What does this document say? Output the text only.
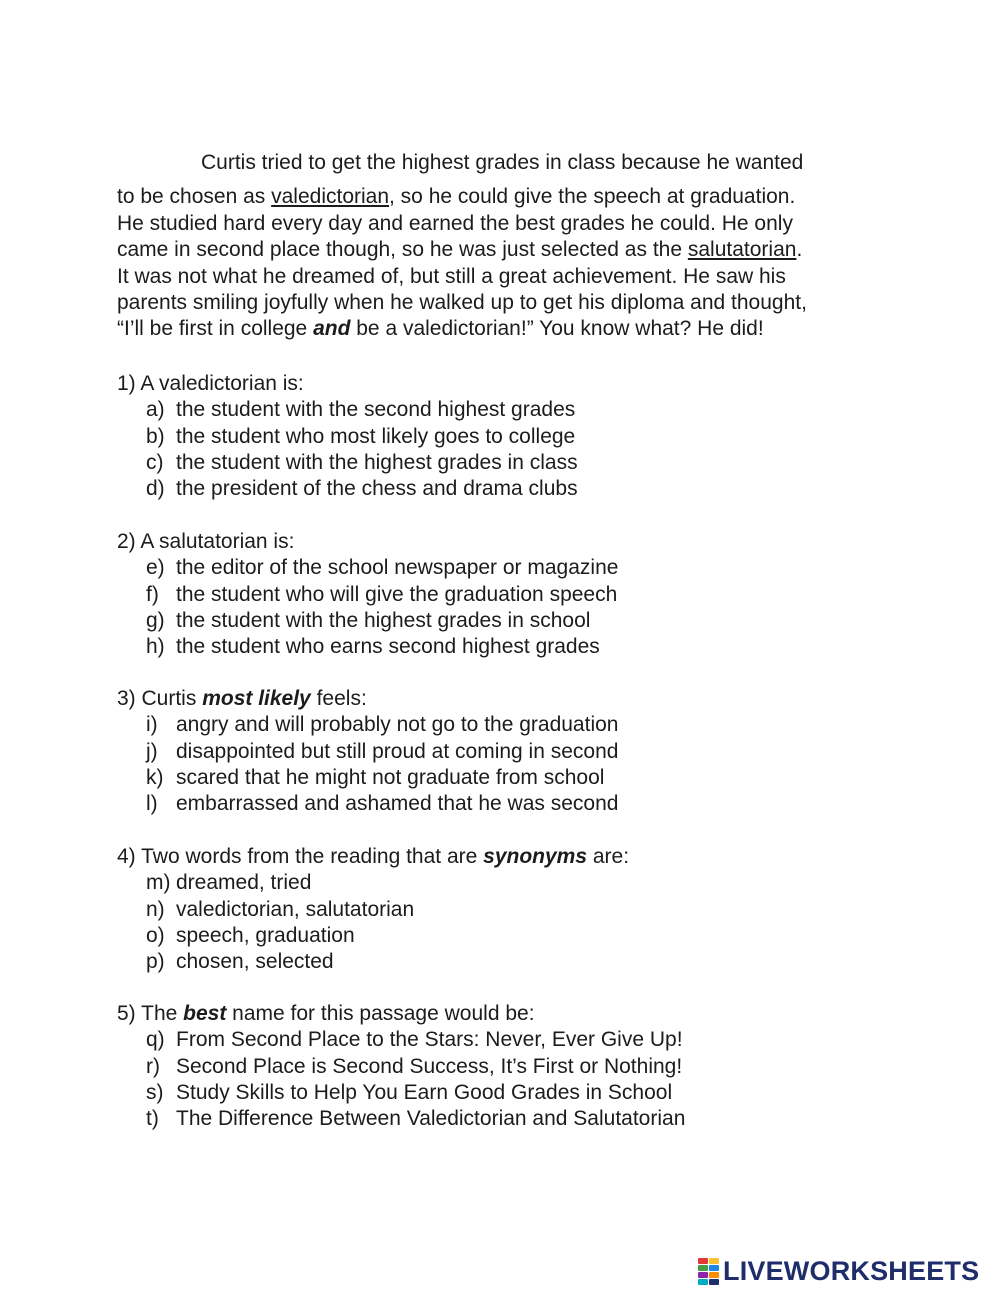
Curtis tried to get the highest grades in class because he wanted
to be chosen as valedictorian, so he could give the speech at graduation.
He studied hard every day and earned the best grades he could. He only
came in second place though, so he was just selected as the salutatorian.
It was not what he dreamed of, but still a great achievement. He saw his
parents smiling joyfully when he walked up to get his diploma and thought,
“I’ll be first in college and be a valedictorian!” You know what? He did!
1) A valedictorian is:
a) the student with the second highest grades
b) the student who most likely goes to college
c) the student with the highest grades in class
d) the president of the chess and drama clubs
2) A salutatorian is:
e) the editor of the school newspaper or magazine
f) the student who will give the graduation speech
g) the student with the highest grades in school
h) the student who earns second highest grades
3) Curtis most likely feels:
i) angry and will probably not go to the graduation
j) disappointed but still proud at coming in second
k) scared that he might not graduate from school
l) embarrassed and ashamed that he was second
4) Two words from the reading that are synonyms are:
m) dreamed, tried
n) valedictorian, salutatorian
o) speech, graduation
p) chosen, selected
5) The best name for this passage would be:
q) From Second Place to the Stars: Never, Ever Give Up!
r) Second Place is Second Success, It’s First or Nothing!
s) Study Skills to Help You Earn Good Grades in School
t) The Difference Between Valedictorian and Salutatorian
LIVEWORKSHEETS
